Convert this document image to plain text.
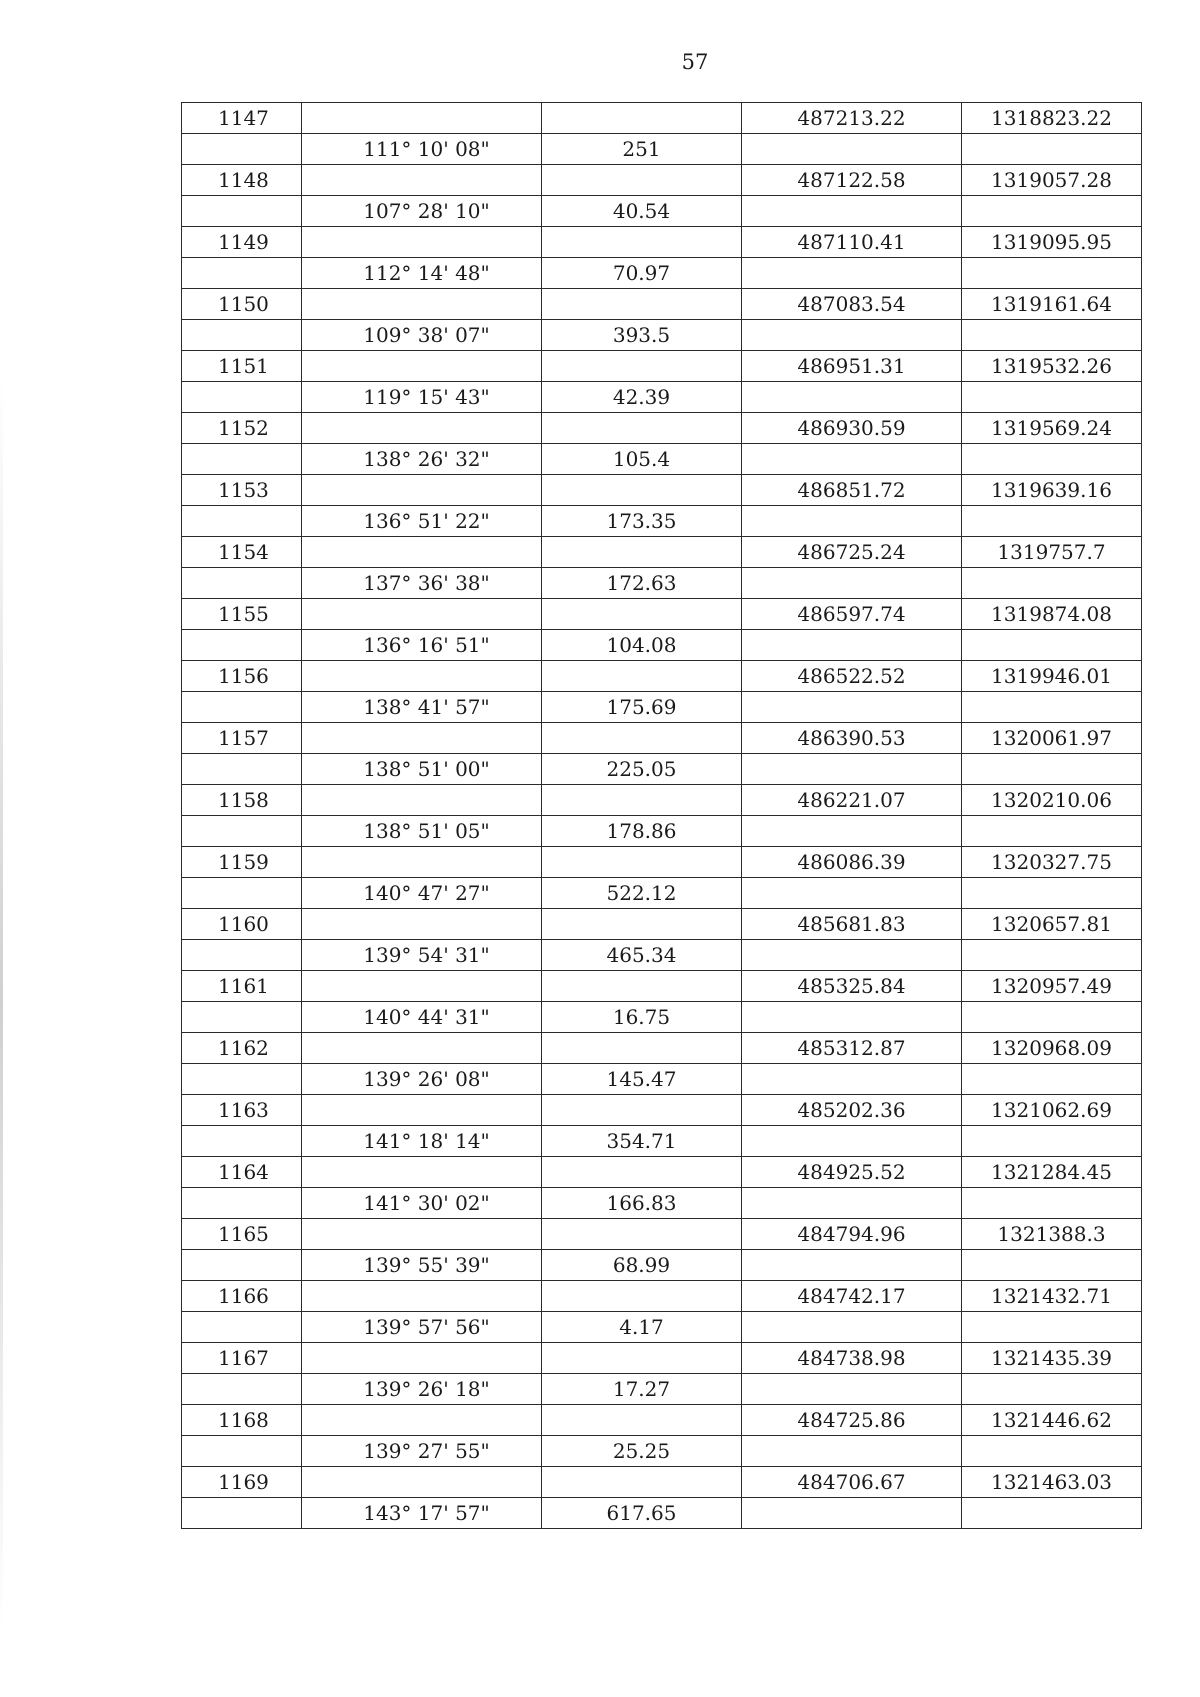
57
1147			487213.22	1318823.22
	111° 10' 08"	251		
1148			487122.58	1319057.28
	107° 28' 10"	40.54		
1149			487110.41	1319095.95
	112° 14' 48"	70.97		
1150			487083.54	1319161.64
	109° 38' 07"	393.5		
1151			486951.31	1319532.26
	119° 15' 43"	42.39		
1152			486930.59	1319569.24
	138° 26' 32"	105.4		
1153			486851.72	1319639.16
	136° 51' 22"	173.35		
1154			486725.24	1319757.7
	137° 36' 38"	172.63		
1155			486597.74	1319874.08
	136° 16' 51"	104.08		
1156			486522.52	1319946.01
	138° 41' 57"	175.69		
1157			486390.53	1320061.97
	138° 51' 00"	225.05		
1158			486221.07	1320210.06
	138° 51' 05"	178.86		
1159			486086.39	1320327.75
	140° 47' 27"	522.12		
1160			485681.83	1320657.81
	139° 54' 31"	465.34		
1161			485325.84	1320957.49
	140° 44' 31"	16.75		
1162			485312.87	1320968.09
	139° 26' 08"	145.47		
1163			485202.36	1321062.69
	141° 18' 14"	354.71		
1164			484925.52	1321284.45
	141° 30' 02"	166.83		
1165			484794.96	1321388.3
	139° 55' 39"	68.99		
1166			484742.17	1321432.71
	139° 57' 56"	4.17		
1167			484738.98	1321435.39
	139° 26' 18"	17.27		
1168			484725.86	1321446.62
	139° 27' 55"	25.25		
1169			484706.67	1321463.03
	143° 17' 57"	617.65		
